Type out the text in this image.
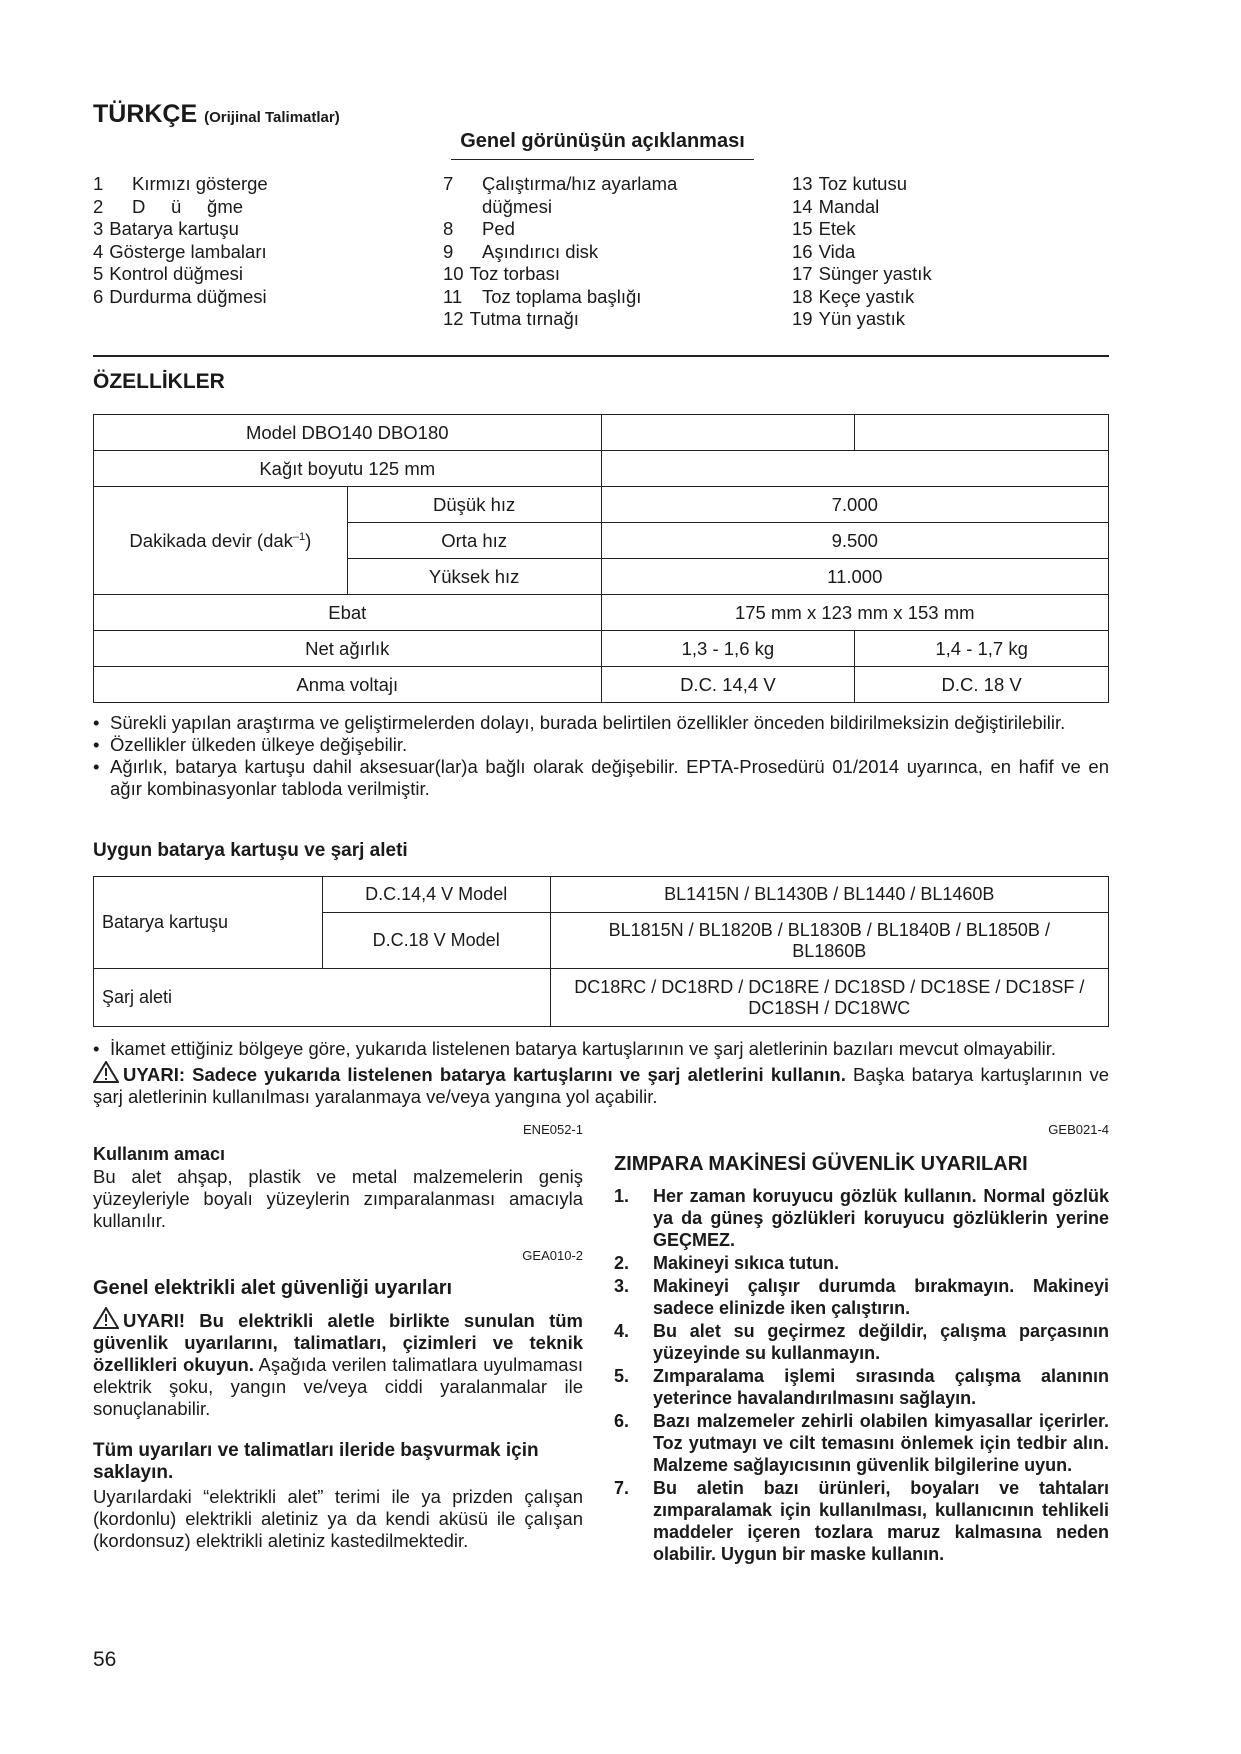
TÜRKÇE (Orijinal Talimatlar)
Genel görünüşün açıklanması
1	Kırmızı gösterge
2	D     ü     ğme
3 Batarya kartuşu
4 Gösterge lambaları
5 Kontrol düğmesi
6 Durdurma düğmesi
7	Çalıştırma/hız ayarlama
düğmesi
8	Ped
9	Aşındırıcı disk
10 Toz torbası
11	Toz toplama başlığı
12 Tutma tırnağı
13 Toz kutusu
14 Mandal
15 Etek
16 Vida
17 Sünger yastık
18 Keçe yastık
19 Yün yastık
ÖZELLİKLER
Model DBO140 DBO180			
Kağıt boyutu 125 mm			
Dakikada devir (dak$^{-1}$)	Düşük hız	7.000	
	Orta hız	9.500	
	Yüksek hız	11.000	
Ebat		175 mm x 123 mm x 153 mm	
Net ağırlık		1,3 - 1,6 kg	1,4 - 1,7 kg
Anma voltajı		D.C. 14,4 V	D.C. 18 V
• Sürekli yapılan araştırma ve geliştirmelerden dolayı, burada belirtilen özellikler önceden bildirilmeksizin değiştirilebilir.
• Özellikler ülkeden ülkeye değişebilir.
• Ağırlık, batarya kartuşu dahil aksesuar(lar)a bağlı olarak değişebilir. EPTA-Prosedürü 01/2014 uyarınca, en hafif ve en ağır kombinasyonlar tabloda verilmiştir.
Uygun batarya kartuşu ve şarj aleti
Batarya kartuşu	D.C.14,4 V Model	BL1415N / BL1430B / BL1440 / BL1460B
	D.C.18 V Model	BL1815N / BL1820B / BL1830B / BL1840B / BL1850B / BL1860B
Şarj aleti		DC18RC / DC18RD / DC18RE / DC18SD / DC18SE / DC18SF / DC18SH / DC18WC
• İkamet ettiğiniz bölgeye göre, yukarıda listelenen batarya kartuşlarının ve şarj aletlerinin bazıları mevcut olmayabilir.
UYARI: Sadece yukarıda listelenen batarya kartuşlarını ve şarj aletlerini kullanın. Başka batarya kartuşlarının ve şarj aletlerinin kullanılması yaralanmaya ve/veya yangına yol açabilir.
ENE052-1
Kullanım amacı
Bu alet ahşap, plastik ve metal malzemelerin geniş yüzeyleriyle boyalı yüzeylerin zımparalanması amacıyla kullanılır.
GEA010-2
Genel elektrikli alet güvenliği uyarıları
UYARI! Bu elektrikli aletle birlikte sunulan tüm güvenlik uyarılarını, talimatları, çizimleri ve teknik özellikleri okuyun. Aşağıda verilen talimatlara uyulmaması elektrik şoku, yangın ve/veya ciddi yaralanmalar ile sonuçlanabilir.
Tüm uyarıları ve talimatları ileride başvurmak için saklayın.
Uyarılardaki “elektrikli alet” terimi ile ya prizden çalışan (kordonlu) elektrikli aletiniz ya da kendi aküsü ile çalışan (kordonsuz) elektrikli aletiniz kastedilmektedir.
GEB021-4
ZIMPARA MAKİNESİ GÜVENLİK UYARILARI
1. Her zaman koruyucu gözlük kullanın. Normal gözlük ya da güneş gözlükleri koruyucu gözlüklerin yerine GEÇMEZ.
2. Makineyi sıkıca tutun.
3. Makineyi çalışır durumda bırakmayın. Makineyi sadece elinizde iken çalıştırın.
4. Bu alet su geçirmez değildir, çalışma parçasının yüzeyinde su kullanmayın.
5. Zımparalama işlemi sırasında çalışma alanının yeterince havalandırılmasını sağlayın.
6. Bazı malzemeler zehirli olabilen kimyasallar içerirler. Toz yutmayı ve cilt temasını önlemek için tedbir alın. Malzeme sağlayıcısının güvenlik bilgilerine uyun.
7. Bu aletin bazı ürünleri, boyaları ve tahtaları zımparalamak için kullanılması, kullanıcının tehlikeli maddeler içeren tozlara maruz kalmasına neden olabilir. Uygun bir maske kullanın.
56
